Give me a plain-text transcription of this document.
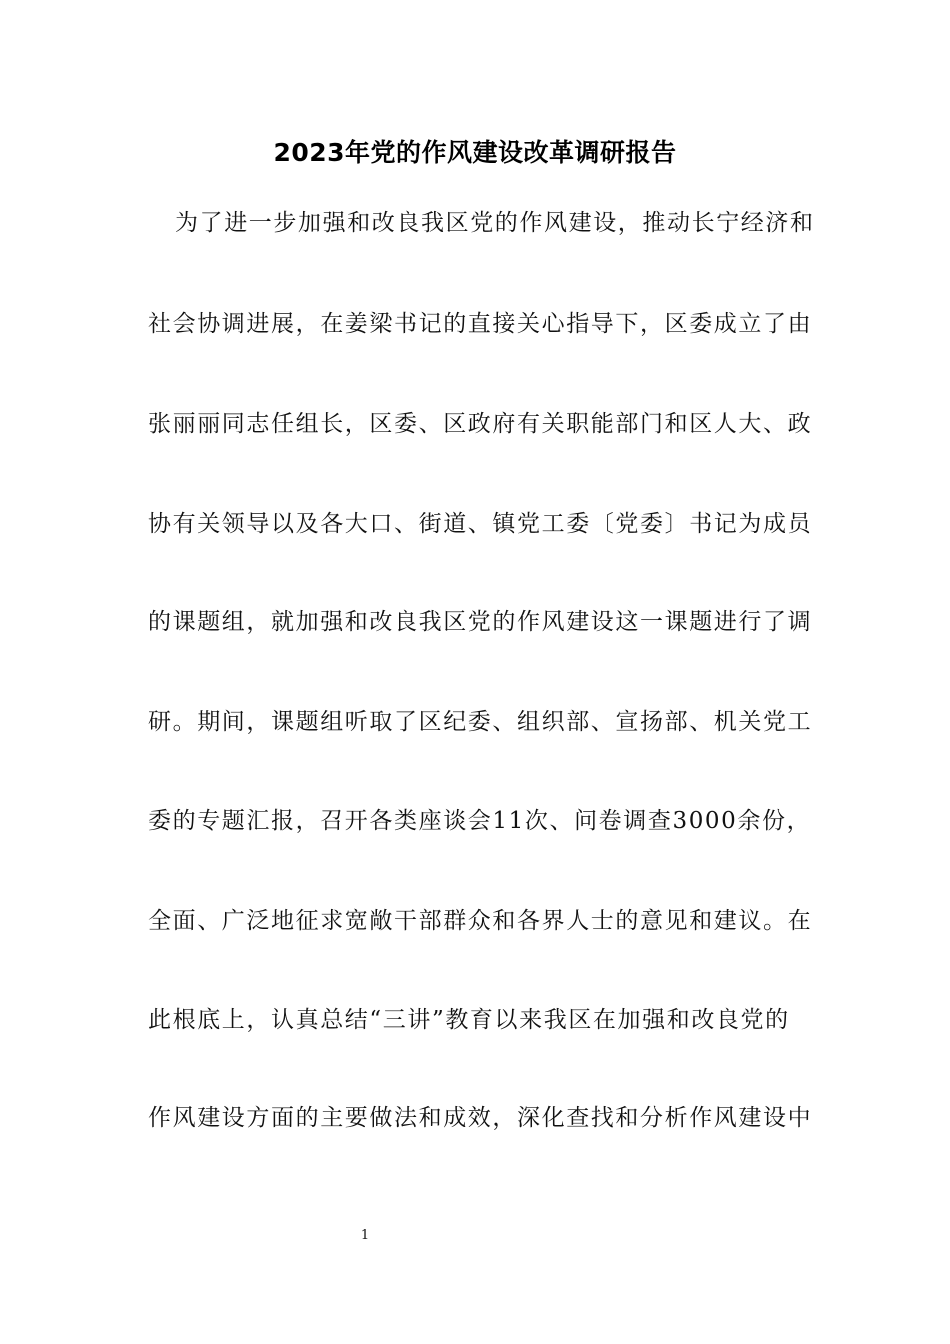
2023年党的作风建设改革调研报告

为了进一步加强和改良我区党的作风建设，推动长宁经济和

社会协调进展，在姜梁书记的直接关心指导下，区委成立了由

张丽丽同志任组长，区委、区政府有关职能部门和区人大、政

协有关领导以及各大口、街道、镇党工委〔党委〕书记为成员

的课题组，就加强和改良我区党的作风建设这一课题进行了调

研。期间，课题组听取了区纪委、组织部、宣扬部、机关党工

委的专题汇报，召开各类座谈会11次、问卷调查3000余份，

全面、广泛地征求宽敞干部群众和各界人士的意见和建议。在

此根底上，认真总结“三讲”教育以来我区在加强和改良党的

作风建设方面的主要做法和成效，深化查找和分析作风建设中

1
